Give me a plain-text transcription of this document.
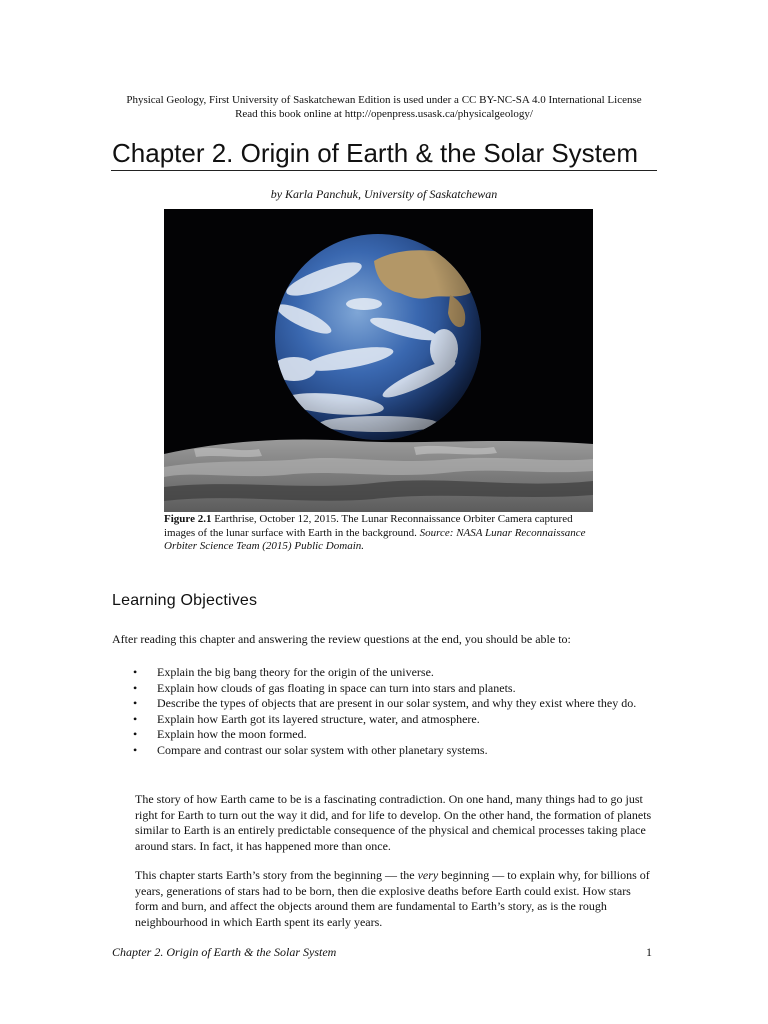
Physical Geology, First University of Saskatchewan Edition is used under a CC BY-NC-SA 4.0 International License
Read this book online at http://openpress.usask.ca/physicalgeology/
Chapter 2. Origin of Earth & the Solar System
by Karla Panchuk, University of Saskatchewan
Figure 2.1 Earthrise, October 12, 2015. The Lunar Reconnaissance Orbiter Camera captured images of the lunar surface with Earth in the background. Source: NASA Lunar Reconnaissance Orbiter Science Team (2015) Public Domain.
Learning Objectives
After reading this chapter and answering the review questions at the end, you should be able to:
• Explain the big bang theory for the origin of the universe.
• Explain how clouds of gas floating in space can turn into stars and planets.
• Describe the types of objects that are present in our solar system, and why they exist where they do.
• Explain how Earth got its layered structure, water, and atmosphere.
• Explain how the moon formed.
• Compare and contrast our solar system with other planetary systems.

The story of how Earth came to be is a fascinating contradiction. On one hand, many things had to go just right for Earth to turn out the way it did, and for life to develop. On the other hand, the formation of planets similar to Earth is an entirely predictable consequence of the physical and chemical processes taking place around stars. In fact, it has happened more than once.

This chapter starts Earth’s story from the beginning — the very beginning — to explain why, for billions of years, generations of stars had to be born, then die explosive deaths before Earth could exist. How stars form and burn, and affect the objects around them are fundamental to Earth’s story, as is the rough neighbourhood in which Earth spent its early years.

Chapter 2. Origin of Earth & the Solar System	1
